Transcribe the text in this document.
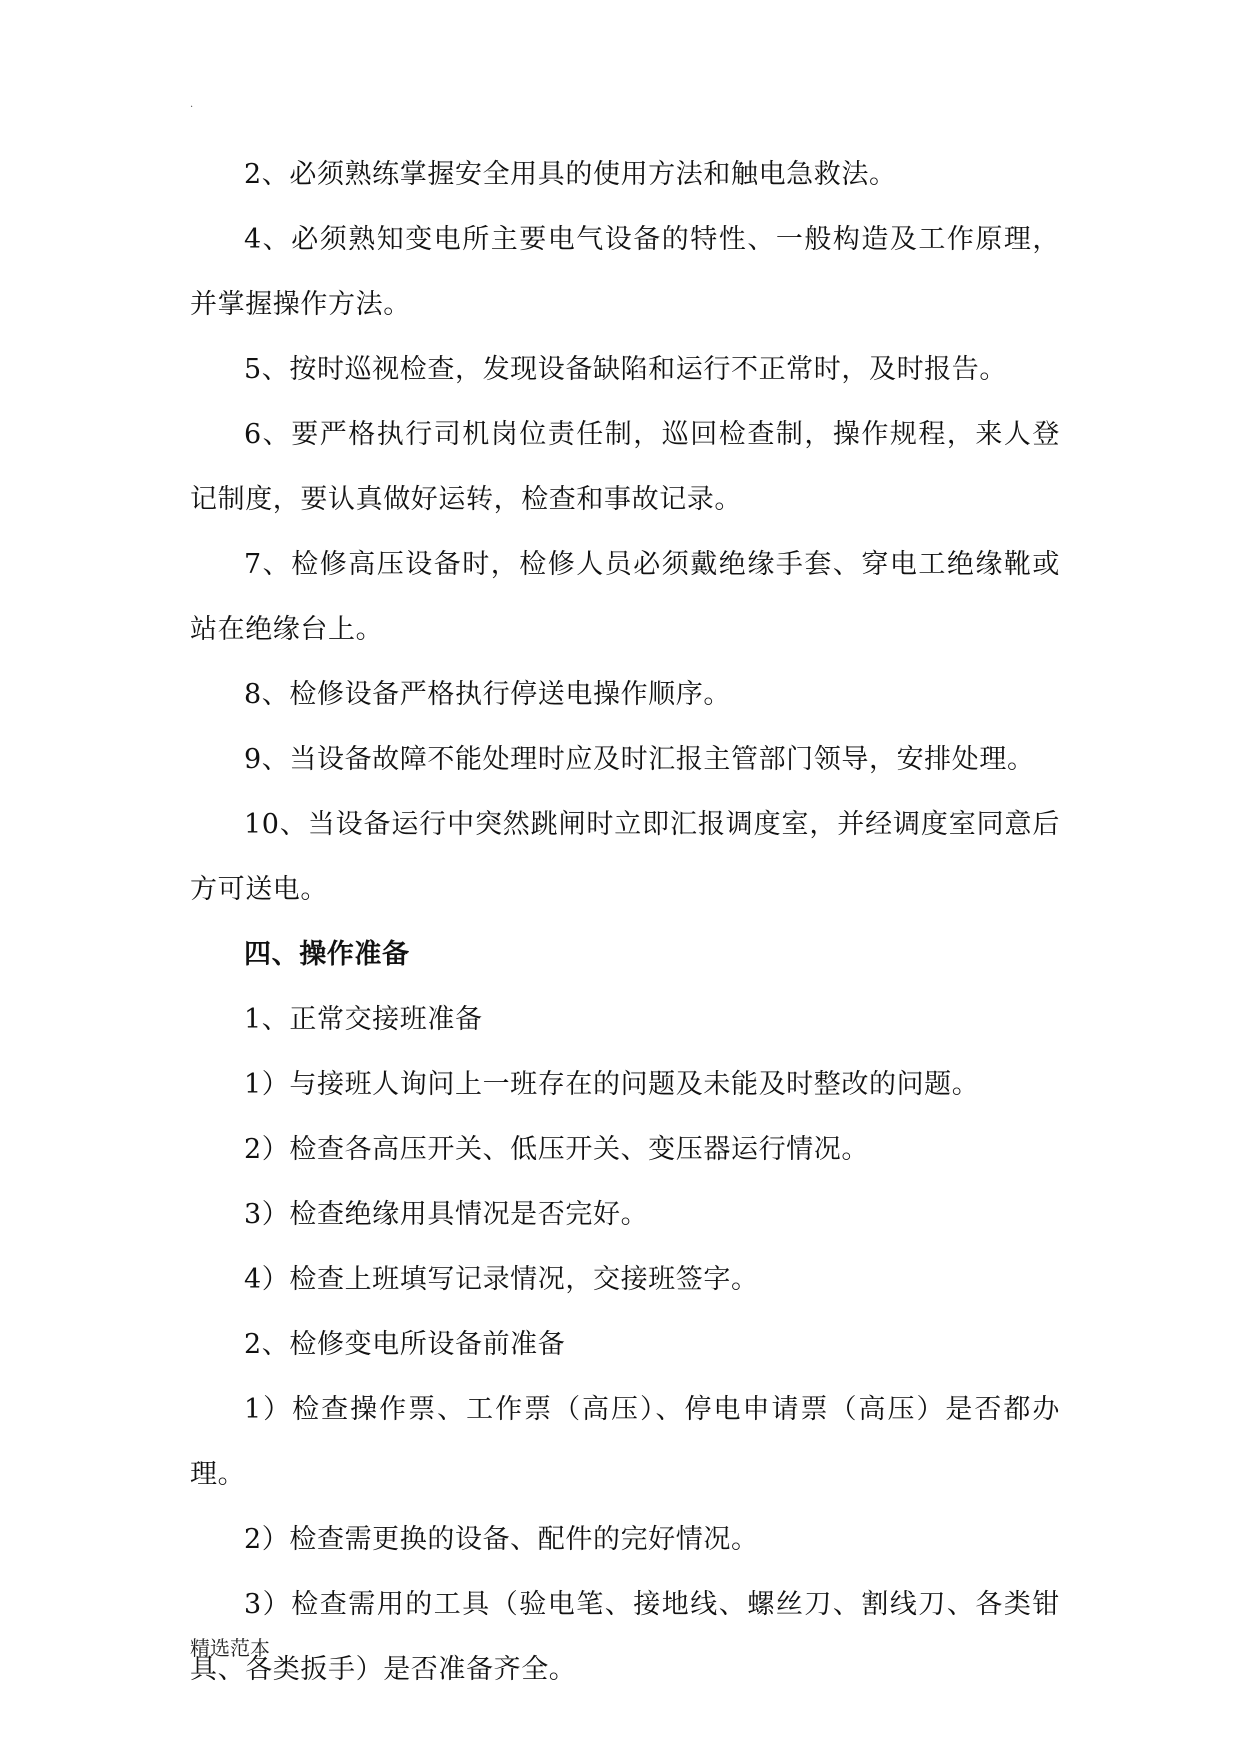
.

2、必须熟练掌握安全用具的使用方法和触电急救法。

4、必须熟知变电所主要电气设备的特性、一般构造及工作原理，并掌握操作方法。

5、按时巡视检查，发现设备缺陷和运行不正常时，及时报告。

6、要严格执行司机岗位责任制，巡回检查制，操作规程，来人登记制度，要认真做好运转，检查和事故记录。

7、检修高压设备时，检修人员必须戴绝缘手套、穿电工绝缘靴或站在绝缘台上。

8、检修设备严格执行停送电操作顺序。

9、当设备故障不能处理时应及时汇报主管部门领导，安排处理。

10、当设备运行中突然跳闸时立即汇报调度室，并经调度室同意后方可送电。

四、操作准备

1、正常交接班准备

1）与接班人询问上一班存在的问题及未能及时整改的问题。

2）检查各高压开关、低压开关、变压器运行情况。

3）检查绝缘用具情况是否完好。

4）检查上班填写记录情况，交接班签字。

2、检修变电所设备前准备

1）检查操作票、工作票（高压）、停电申请票（高压）是否都办理。

2）检查需更换的设备、配件的完好情况。

3）检查需用的工具（验电笔、接地线、螺丝刀、割线刀、各类钳具、各类扳手）是否准备齐全。

精选范本
